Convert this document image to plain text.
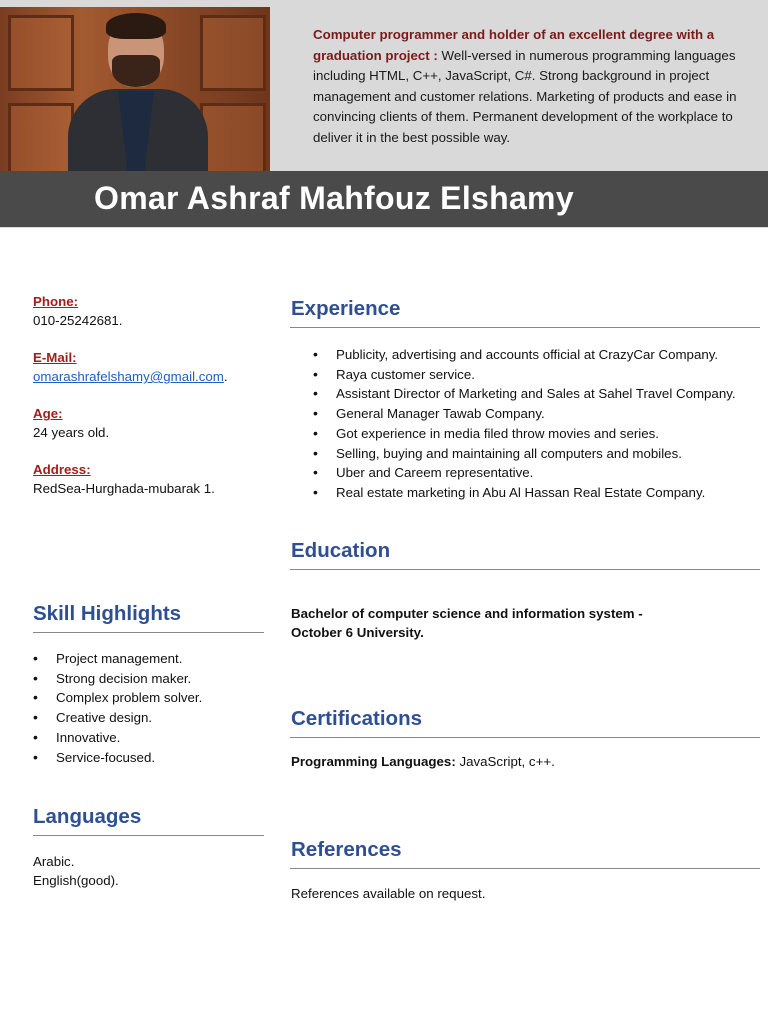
Computer programmer and holder of an excellent degree with a graduation project : Well-versed in numerous programming languages including HTML, C++, JavaScript, C#. Strong background in project management and customer relations. Marketing of products and ease in convincing clients of them. Permanent development of the workplace to deliver it in the best possible way.
Omar Ashraf Mahfouz Elshamy
Phone:
010-25242681.
E-Mail:
omarashrafelshamy@gmail.com.
Age:
24 years old.
Address:
RedSea-Hurghada-mubarak 1.
Skill Highlights
• Project management.
• Strong decision maker.
• Complex problem solver.
• Creative design.
• Innovative.
• Service-focused.
Languages
Arabic.
English(good).
Experience
• Publicity, advertising and accounts official at CrazyCar Company.
• Raya customer service.
• Assistant Director of Marketing and Sales at Sahel Travel Company.
• General Manager Tawab Company.
• Got experience in media filed throw movies and series.
• Selling, buying and maintaining all computers and mobiles.
• Uber and Careem representative.
• Real estate marketing in Abu Al Hassan Real Estate Company.
Education
Bachelor of computer science and information system -
October 6 University.
Certifications
Programming Languages: JavaScript, c++.
References
References available on request.
